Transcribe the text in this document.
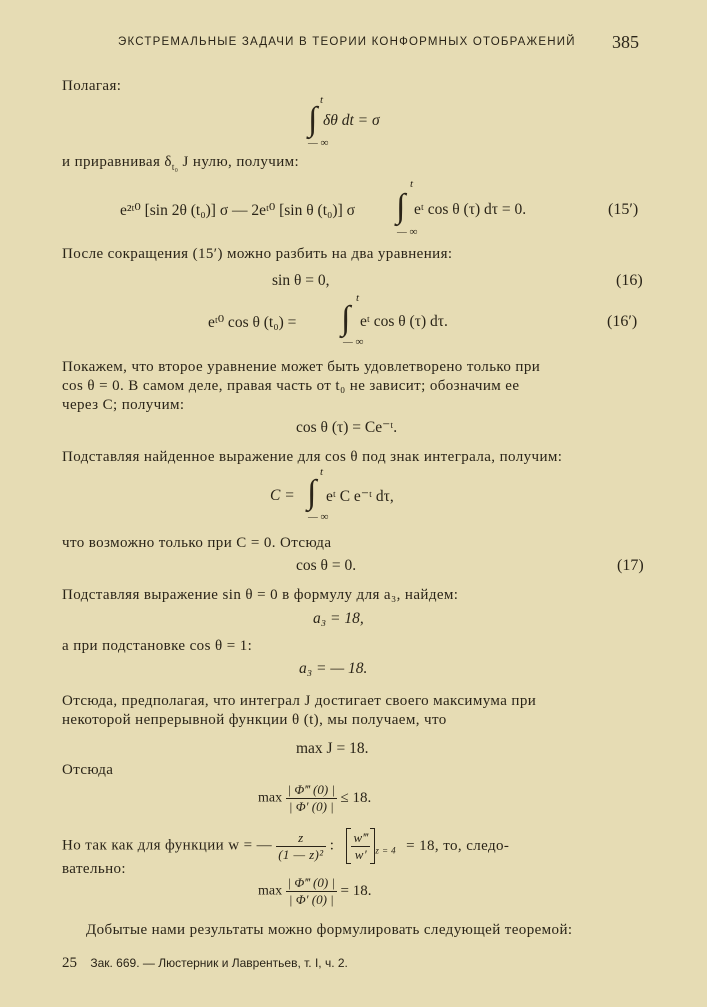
ЭКСТРЕМАЛЬНЫЕ ЗАДАЧИ В ТЕОРИИ КОНФОРМНЫХ ОТОБРАЖЕНИЙ 385
Полагая:
t
∫ δθ dt = σ
— ∞
и приравнивая $\delta_{t_0}$ J нулю, получим:
t
e²ᵗ⁰ [sin 2θ (t₀)] σ — 2eᵗ⁰ [sin θ (t₀)] σ ∫ eᵗ cos θ (τ) dτ = 0.
— ∞
(15′)
После сокращения (15′) можно разбить на два уравнения:
sin θ = 0,	(16)
t
eᵗ⁰ cos θ (t₀) = ∫ eᵗ cos θ (τ) dτ.
— ∞
(16′)
Покажем, что второе уравнение может быть удовлетворено только при
cos θ = 0. В самом деле, правая часть от t₀ не зависит; обозначим ее
через C; получим:
cos θ (τ) = Ce⁻ᵗ.
Подставляя найденное выражение для cos θ под знак интеграла, получим:
t
C = ∫ eᵗ C e⁻ᵗ dτ,
— ∞
что возможно только при C = 0. Отсюда
cos θ = 0.	(17)
Подставляя выражение sin θ = 0 в формулу для a₃, найдем:
a₃ = 18,
а при подстановке cos θ = 1:
a₃ = — 18.
Отсюда, предполагая, что интеграл J достигает своего максимума при
некоторой непрерывной функции θ (t), мы получаем, что
max J = 18.
Отсюда
$\max \frac{| \Phi‴ (0) |}{| \Phi' (0) |} \le 18$.
Но так как для функции w = — $\frac{z}{\text{(1 — z)²}}$ : $\frac{w‴}{w'} _{z = 4} = 18$, то, следо-
вательно:
$\max \frac{| \Phi‴ (0) |}{| \Phi' (0) |} = 18$.
Добытые нами результаты можно формулировать следующей теоремой:
25 Зак. 669. — Люстерник и Лаврентьев, т. I, ч. 2.
